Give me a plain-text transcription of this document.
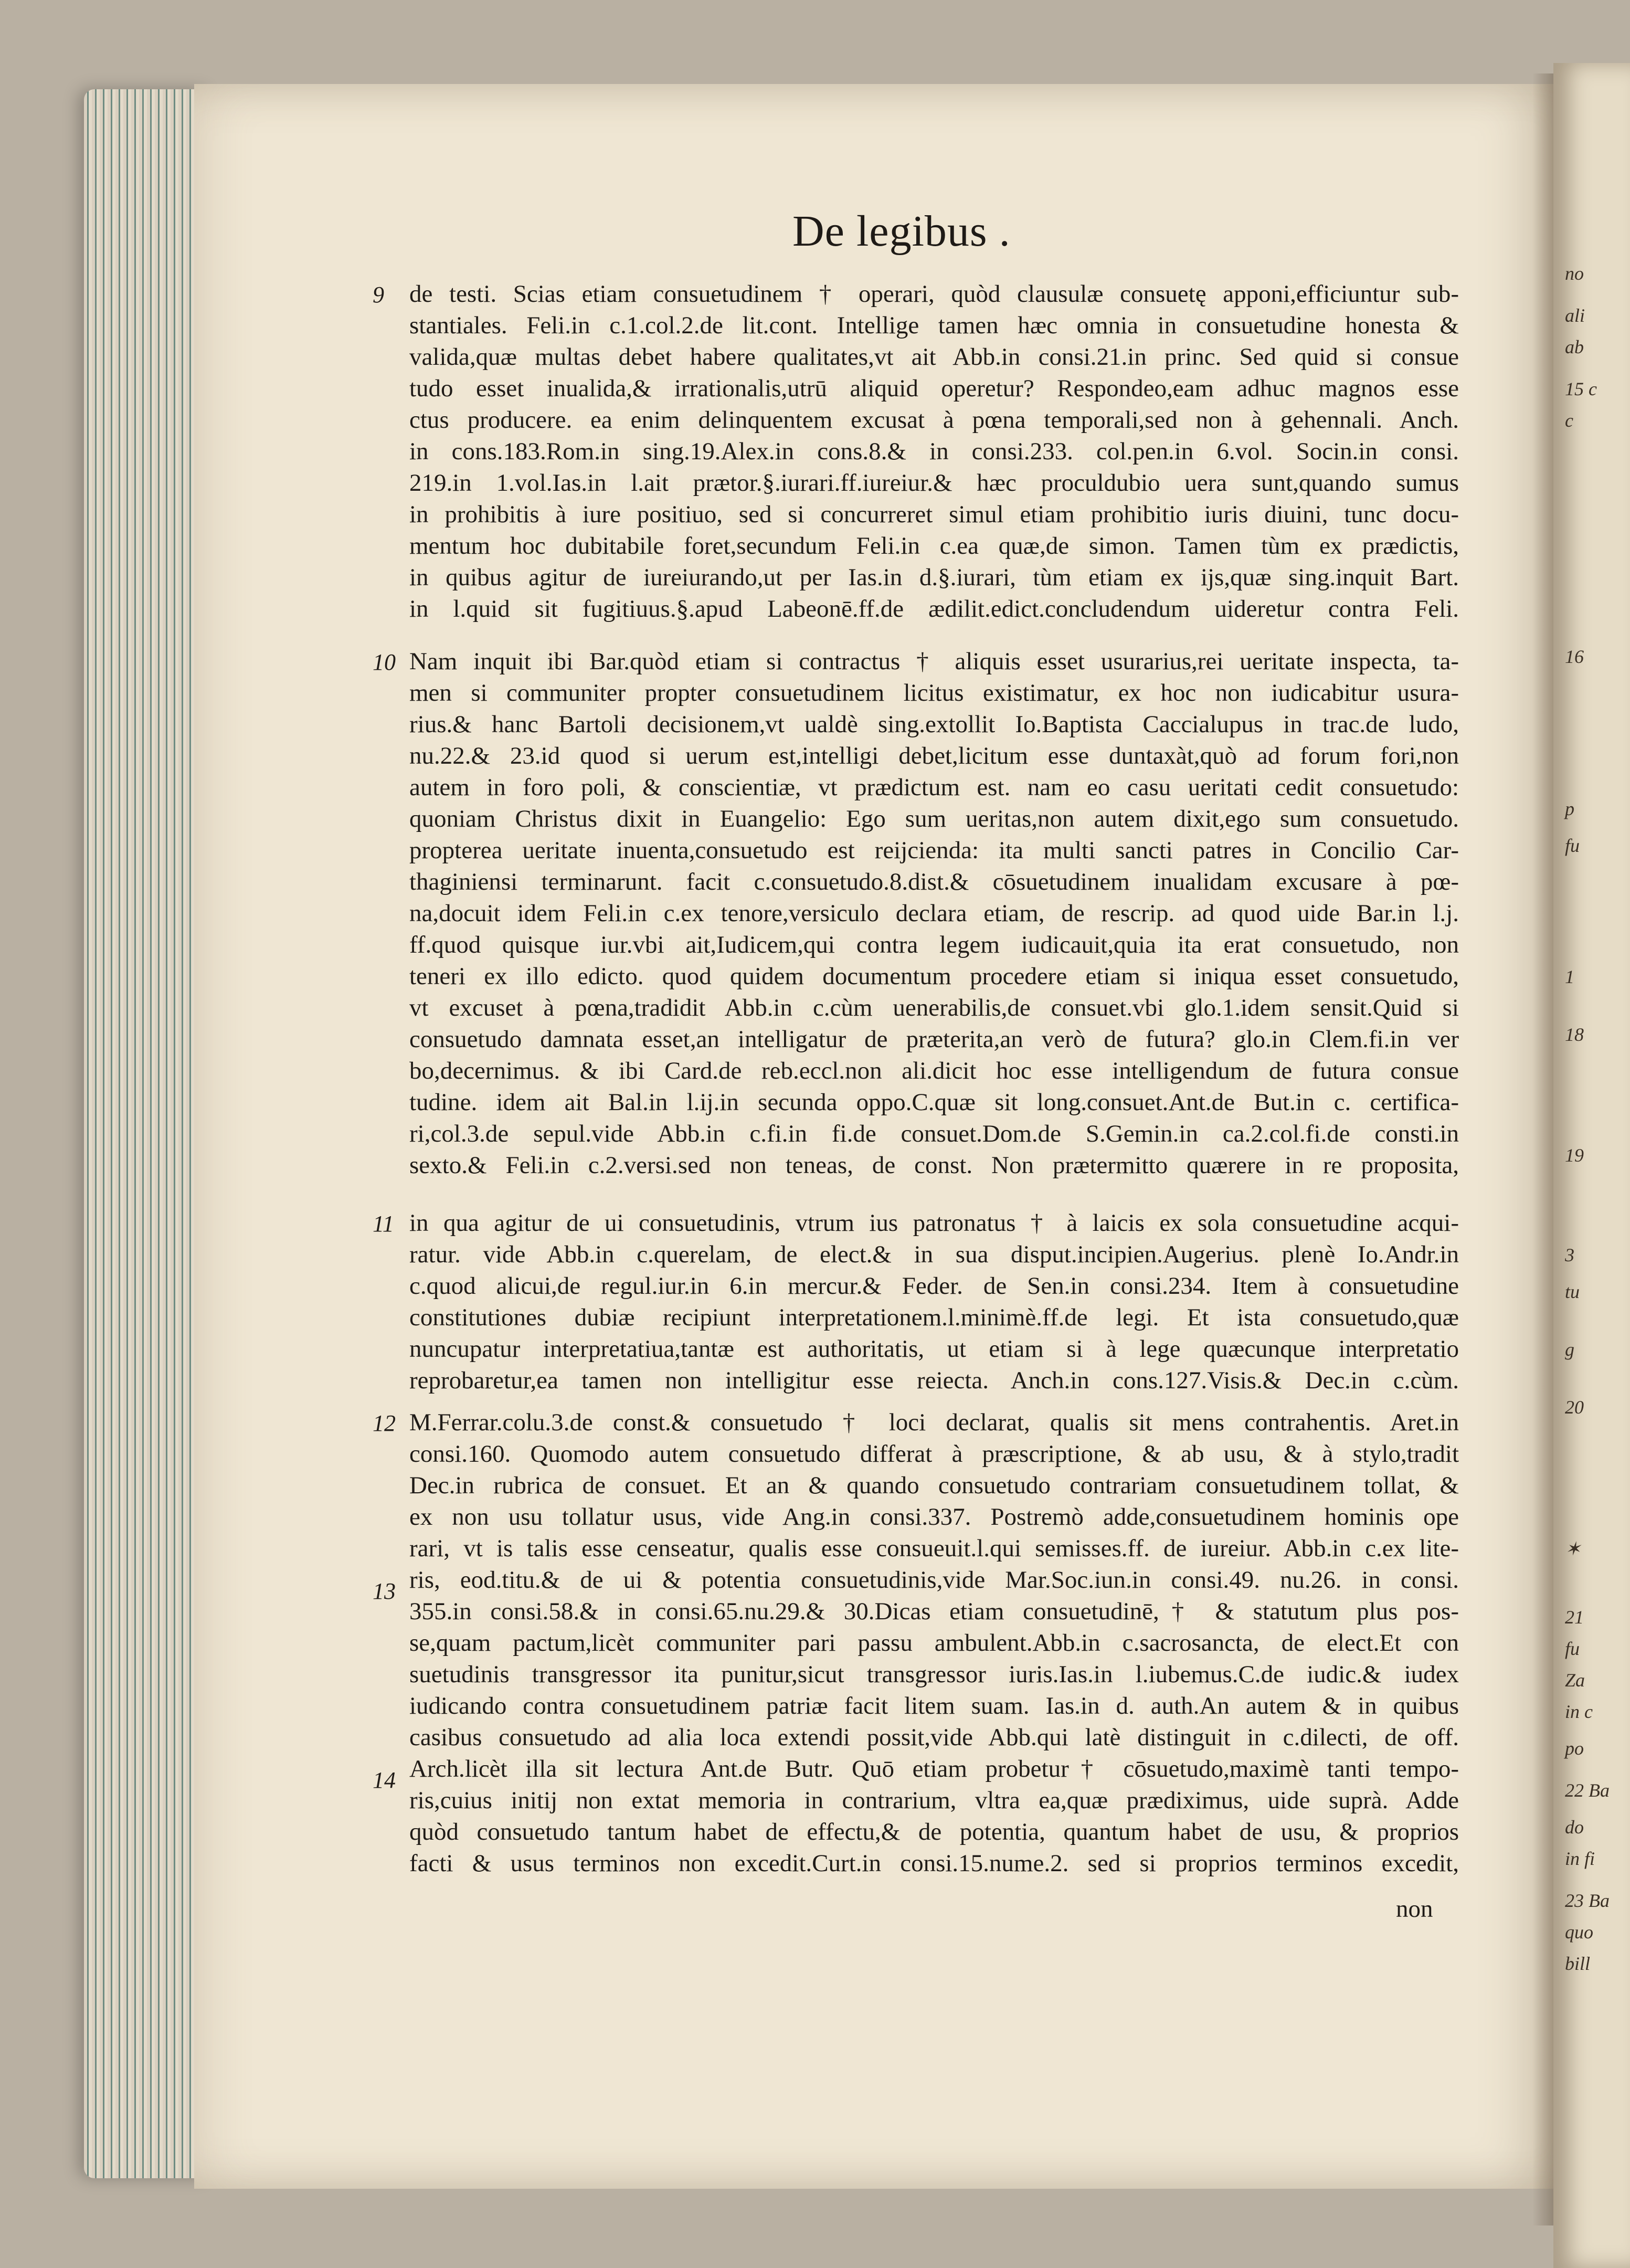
no
ali
ab
15 c
c
16
p
fu
1
18
19
3
tu
g
20
✶
21
fu
Za
in c
po
22 Ba
do
in fi
23 Ba
quo
bill
De legibus .
9
10
11
12
13
14
de testi. Scias etiam consuetudinem † operari, quòd clausulæ consuetę apponi,efficiuntur sub-
stantiales. Feli.in c.1.col.2.de lit.cont. Intellige tamen hæc omnia in consuetudine honesta &
valida,quæ multas debet habere qualitates,vt ait Abb.in consi.21.in princ. Sed quid si consue
tudo esset inualida,& irrationalis,utrū aliquid operetur? Respondeo,eam adhuc magnos esse
ctus producere. ea enim delinquentem excusat à pœna temporali,sed non à gehennali. Anch.
in cons.183.Rom.in sing.19.Alex.in cons.8.& in consi.233. col.pen.in 6.vol. Socin.in consi.
219.in 1.vol.Ias.in l.ait prætor.§.iurari.ff.iureiur.& hæc proculdubio uera sunt,quando sumus
in prohibitis à iure positiuo, sed si concurreret simul etiam prohibitio iuris diuini, tunc docu-
mentum hoc dubitabile foret,secundum Feli.in c.ea quæ,de simon. Tamen tùm ex prædictis,
in quibus agitur de iureiurando,ut per Ias.in d.§.iurari, tùm etiam ex ijs,quæ sing.inquit Bart.
in l.quid sit fugitiuus.§.apud Labeonē.ff.de ædilit.edict.concludendum uideretur contra Feli.
Nam inquit ibi Bar.quòd etiam si contractus † aliquis esset usurarius,rei ueritate inspecta, ta-
men si communiter propter consuetudinem licitus existimatur, ex hoc non iudicabitur usura-
rius.& hanc Bartoli decisionem,vt ualdè sing.extollit Io.Baptista Caccialupus in trac.de ludo,
nu.22.& 23.id quod si uerum est,intelligi debet,licitum esse duntaxàt,quò ad forum fori,non
autem in foro poli, & conscientiæ, vt prædictum est. nam eo casu ueritati cedit consuetudo:
quoniam Christus dixit in Euangelio: Ego sum ueritas,non autem dixit,ego sum consuetudo.
propterea ueritate inuenta,consuetudo est reijcienda: ita multi sancti patres in Concilio Car-
thaginiensi terminarunt. facit c.consuetudo.8.dist.& cōsuetudinem inualidam excusare à pœ-
na,docuit idem Feli.in c.ex tenore,versiculo declara etiam, de rescrip. ad quod uide Bar.in l.j.
ff.quod quisque iur.vbi ait,Iudicem,qui contra legem iudicauit,quia ita erat consuetudo, non
teneri ex illo edicto. quod quidem documentum procedere etiam si iniqua esset consuetudo,
vt excuset à pœna,tradidit Abb.in c.cùm uenerabilis,de consuet.vbi glo.1.idem sensit.Quid si
consuetudo damnata esset,an intelligatur de præterita,an verò de futura? glo.in Clem.fi.in ver
bo,decernimus. & ibi Card.de reb.eccl.non ali.dicit hoc esse intelligendum de futura consue
tudine. idem ait Bal.in l.ij.in secunda oppo.C.quæ sit long.consuet.Ant.de But.in c. certifica-
ri,col.3.de sepul.vide Abb.in c.fi.in fi.de consuet.Dom.de S.Gemin.in ca.2.col.fi.de consti.in
sexto.& Feli.in c.2.versi.sed non teneas, de const. Non prætermitto quærere in re proposita,
in qua agitur de ui consuetudinis, vtrum ius patronatus † à laicis ex sola consuetudine acqui-
ratur. vide Abb.in c.querelam, de elect.& in sua disput.incipien.Augerius. plenè Io.Andr.in
c.quod alicui,de regul.iur.in 6.in mercur.& Feder. de Sen.in consi.234. Item à consuetudine
constitutiones dubiæ recipiunt interpretationem.l.minimè.ff.de legi. Et ista consuetudo,quæ
nuncupatur interpretatiua,tantæ est authoritatis, ut etiam si à lege quæcunque interpretatio
reprobaretur,ea tamen non intelligitur esse reiecta. Anch.in cons.127.Visis.& Dec.in c.cùm.
M.Ferrar.colu.3.de const.& consuetudo † loci declarat, qualis sit mens contrahentis. Aret.in
consi.160. Quomodo autem consuetudo differat à præscriptione, & ab usu, & à stylo,tradit
Dec.in rubrica de consuet. Et an & quando consuetudo contrariam consuetudinem tollat, &
ex non usu tollatur usus, vide Ang.in consi.337. Postremò adde,consuetudinem hominis ope
rari, vt is talis esse censeatur, qualis esse consueuit.l.qui semisses.ff. de iureiur. Abb.in c.ex lite-
ris, eod.titu.& de ui & potentia consuetudinis,vide Mar.Soc.iun.in consi.49. nu.26. in consi.
355.in consi.58.& in consi.65.nu.29.& 30.Dicas etiam consuetudinē,† & statutum plus pos-
se,quam pactum,licèt communiter pari passu ambulent.Abb.in c.sacrosancta, de elect.Et con
suetudinis transgressor ita punitur,sicut transgressor iuris.Ias.in l.iubemus.C.de iudic.& iudex
iudicando contra consuetudinem patriæ facit litem suam. Ias.in d. auth.An autem & in quibus
casibus consuetudo ad alia loca extendi possit,vide Abb.qui latè distinguit in c.dilecti, de off.
Arch.licèt illa sit lectura Ant.de Butr. Quō etiam probetur† cōsuetudo,maximè tanti tempo-
ris,cuius initij non extat memoria in contrarium, vltra ea,quæ prædiximus, uide suprà. Adde
quòd consuetudo tantum habet de effectu,& de potentia, quantum habet de usu, & proprios
facti & usus terminos non excedit.Curt.in consi.15.nume.2. sed si proprios terminos excedit,
non
